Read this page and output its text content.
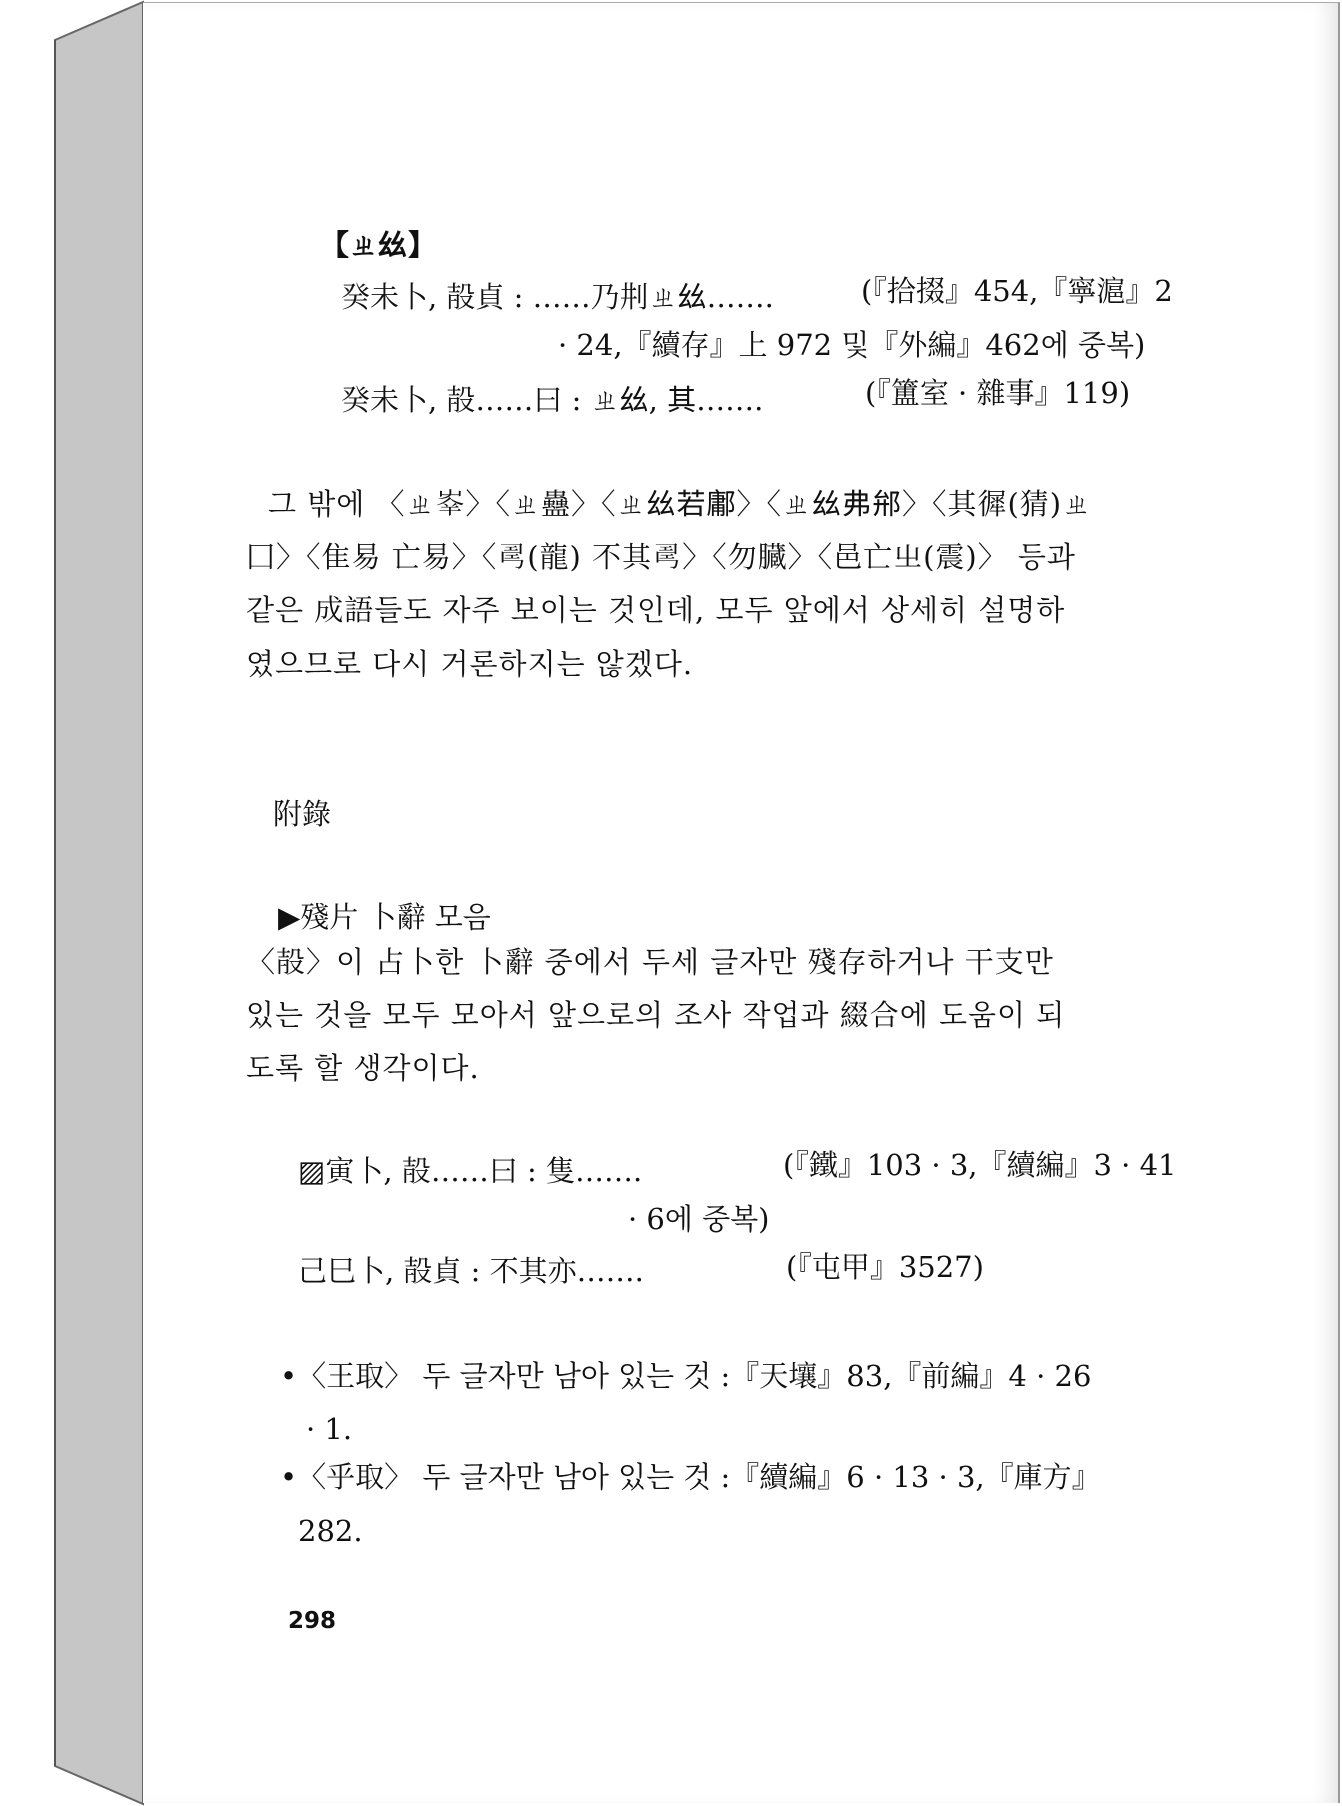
【ㄓ𢆶】
癸未卜, 㱿貞 : ……乃㓝ㄓ𢆶…….	(『拾掇』454,『寧滬』2
· 24,『續存』上 972 및『外編』462에 중복)
癸未卜, 㱿……曰 : ㄓ𢆶, 其…….	(『簠室 · 雜事』119)
그 밖에 〈ㄓ𡴖〉〈ㄓ蠱〉〈ㄓ𢆶若鄘〉〈ㄓ𢆶弗𨚕〉〈其徲(猜)ㄓ
囗〉〈隹易 亡易〉〈𢏚(龍) 不其𢏚〉〈勿臓〉〈邑亡㞢(震)〉 등과
같은 成語들도 자주 보이는 것인데, 모두 앞에서 상세히 설명하
였으므로 다시 거론하지는 않겠다.
附錄
▶殘片 卜辭 모음
〈㱿〉이 占卜한 卜辭 중에서 두세 글자만 殘存하거나 干支만
있는 것을 모두 모아서 앞으로의 조사 작업과 綴合에 도움이 되
도록 할 생각이다.
▨寅卜, 㱿……曰 : 隻…….	(『鐵』103 · 3,『續編』3 · 41
· 6에 중복)
己巳卜, 㱿貞 : 不其亦…….	(『屯甲』3527)
•〈王取〉 두 글자만 남아 있는 것 :『天壤』83,『前編』4 · 26
· 1.
•〈乎取〉 두 글자만 남아 있는 것 :『續編』6 · 13 · 3,『庫方』
282.
298
